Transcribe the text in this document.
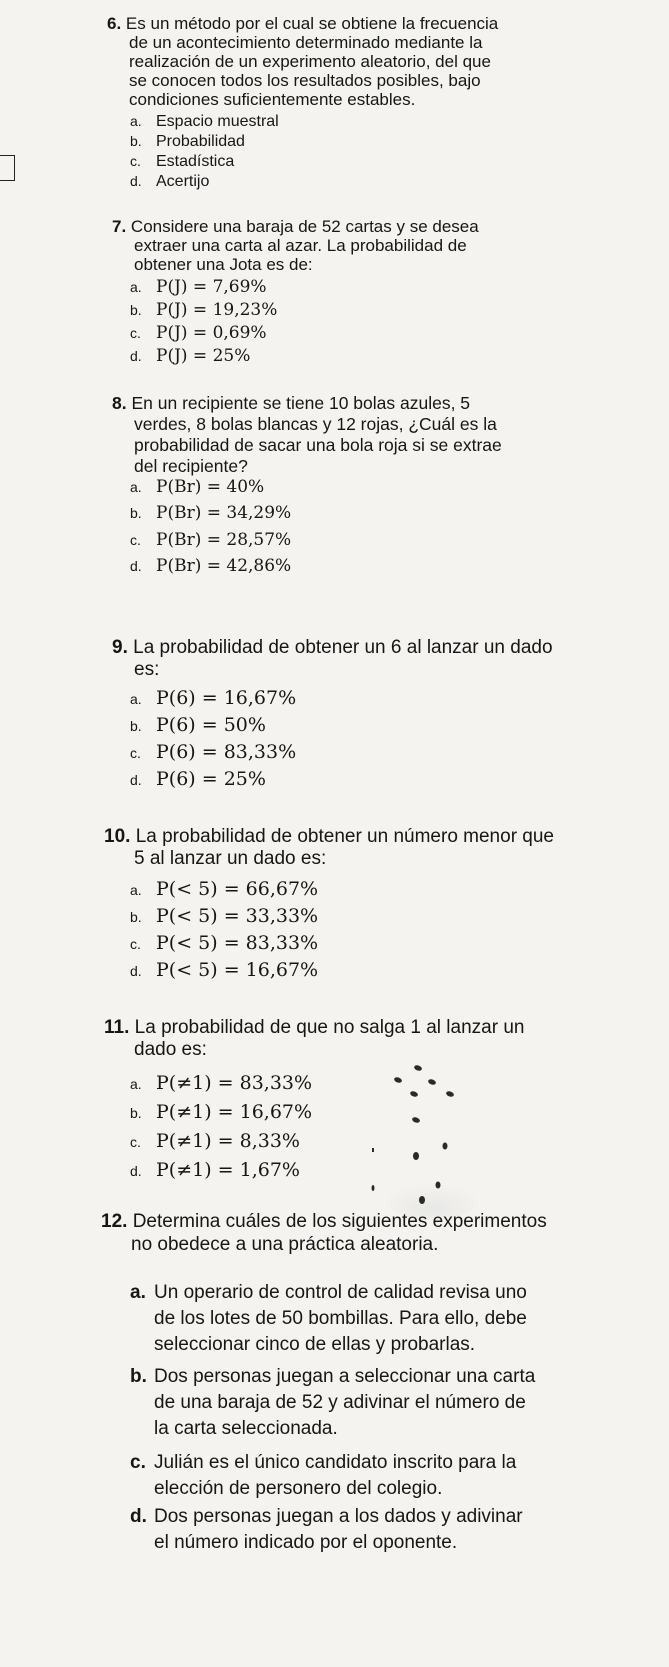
6. Es un método por el cual se obtiene la frecuencia
de un acontecimiento determinado mediante la
realización de un experimento aleatorio, del que
se conocen todos los resultados posibles, bajo
condiciones suficientemente estables.
a. Espacio muestral
b. Probabilidad
c. Estadística
d. Acertijo
7. Considere una baraja de 52 cartas y se desea
extraer una carta al azar. La probabilidad de
obtener una Jota es de:
a. P(J) = 7,69%
b. P(J) = 19,23%
c. P(J) = 0,69%
d. P(J) = 25%
8. En un recipiente se tiene 10 bolas azules, 5
verdes, 8 bolas blancas y 12 rojas, ¿Cuál es la
probabilidad de sacar una bola roja si se extrae
del recipiente?
a. P(Br) = 40%
b. P(Br) = 34,29%
c. P(Br) = 28,57%
d. P(Br) = 42,86%
9. La probabilidad de obtener un 6 al lanzar un dado
es:
a. P(6) = 16,67%
b. P(6) = 50%
c. P(6) = 83,33%
d. P(6) = 25%
10. La probabilidad de obtener un número menor que
5 al lanzar un dado es:
a. P(< 5) = 66,67%
b. P(< 5) = 33,33%
c. P(< 5) = 83,33%
d. P(< 5) = 16,67%
11. La probabilidad de que no salga 1 al lanzar un
dado es:
a. P(≠1) = 83,33%
b. P(≠1) = 16,67%
c. P(≠1) = 8,33%
d. P(≠1) = 1,67%
12. Determina cuáles de los siguientes experimentos
no obedece a una práctica aleatoria.
a. Un operario de control de calidad revisa uno
de los lotes de 50 bombillas. Para ello, debe
seleccionar cinco de ellas y probarlas.
b. Dos personas juegan a seleccionar una carta
de una baraja de 52 y adivinar el número de
la carta seleccionada.
c. Julián es el único candidato inscrito para la
elección de personero del colegio.
d. Dos personas juegan a los dados y adivinar
el número indicado por el oponente.
